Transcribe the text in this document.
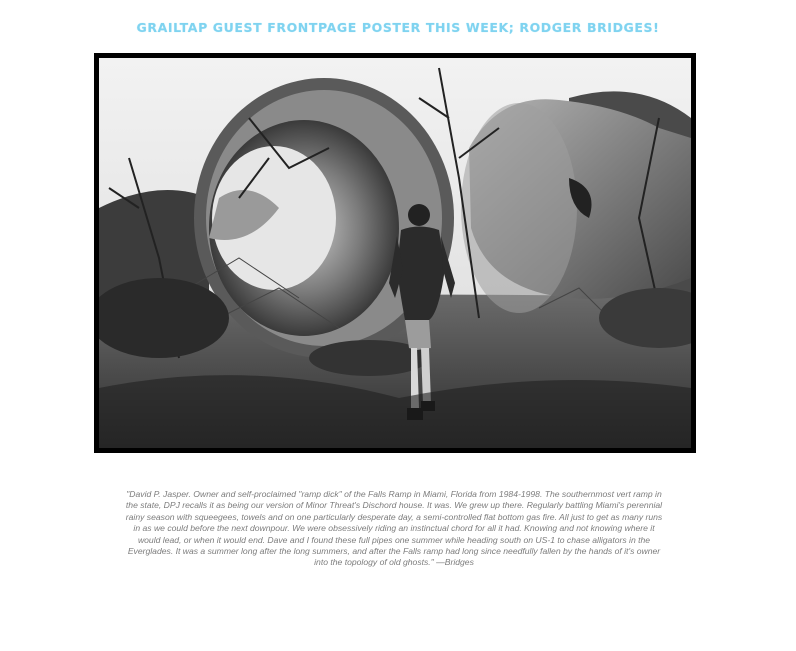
GRAILTAP GUEST FRONTPAGE POSTER THIS WEEK; RODGER BRIDGES!
"David P. Jasper. Owner and self-proclaimed "ramp dick" of the Falls Ramp in Miami, Florida from 1984-1998. The southernmost vert ramp in the state, DPJ recalls it as being our version of Minor Threat's Dischord house. It was. We grew up there. Regularly battling Miami's perennial rainy season with squeegees, towels and on one particularly desperate day, a semi-controlled flat bottom gas fire. All just to get as many runs in as we could before the next downpour. We were obsessively riding an instinctual chord for all it had. Knowing and not knowing where it would lead, or when it would end. Dave and I found these full pipes one summer while heading south on US-1 to chase alligators in the Everglades. It was a summer long after the long summers, and after the Falls ramp had long since needfully fallen by the hands of it's owner into the topology of old ghosts." —Bridges
